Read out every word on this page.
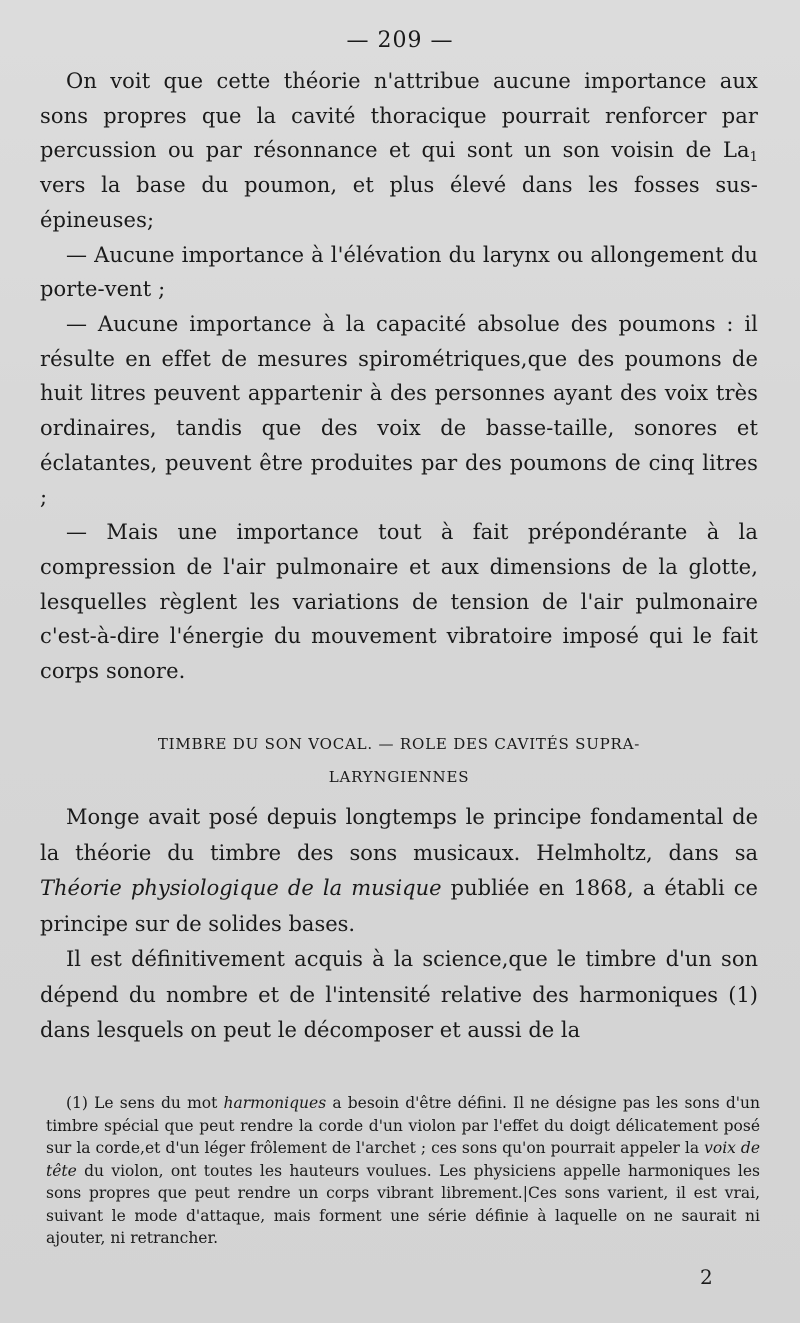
— 209 —

On voit que cette théorie n'attribue aucune importance aux sons propres que la cavité thoracique pourrait renforcer par percussion ou par résonnance et qui sont un son voisin de $La_1$ vers la base du poumon, et plus élevé dans les fosses sus-épineuses;

— Aucune importance à l'élévation du larynx ou allongement du porte-vent ;

— Aucune importance à la capacité absolue des poumons : il résulte en effet de mesures spirométriques,que des poumons de huit litres peuvent appartenir à des personnes ayant des voix très ordinaires, tandis que des voix de basse-taille, sonores et éclatantes, peuvent être produites par des poumons de cinq litres ;

— Mais une importance tout à fait prépondérante à la compression de l'air pulmonaire et aux dimensions de la glotte, lesquelles règlent les variations de tension de l'air pulmonaire c'est-à-dire l'énergie du mouvement vibratoire imposé qui le fait corps sonore.

TIMBRE DU SON VOCAL. — ROLE DES CAVITÉS SUPRA-
LARYNGIENNES

Monge avait posé depuis longtemps le principe fondamental de la théorie du timbre des sons musicaux. Helmholtz, dans sa Théorie physiologique de la musique publiée en 1868, a établi ce principe sur de solides bases.

Il est définitivement acquis à la science,que le timbre d'un son dépend du nombre et de l'intensité relative des harmoniques (1) dans lesquels on peut le décomposer et aussi de la

(1) Le sens du mot harmoniques a besoin d'être défini. Il ne désigne pas les sons d'un timbre spécial que peut rendre la corde d'un violon par l'effet du doigt délicatement posé sur la corde,et d'un léger frôlement de l'archet ; ces sons qu'on pourrait appeler la voix de tête du violon, ont toutes les hauteurs voulues. Les physiciens appelle harmoniques les sons propres que peut rendre un corps vibrant librement.|Ces sons varient, il est vrai, suivant le mode d'attaque, mais forment une série définie à laquelle on ne saurait ni ajouter, ni retrancher.
2
